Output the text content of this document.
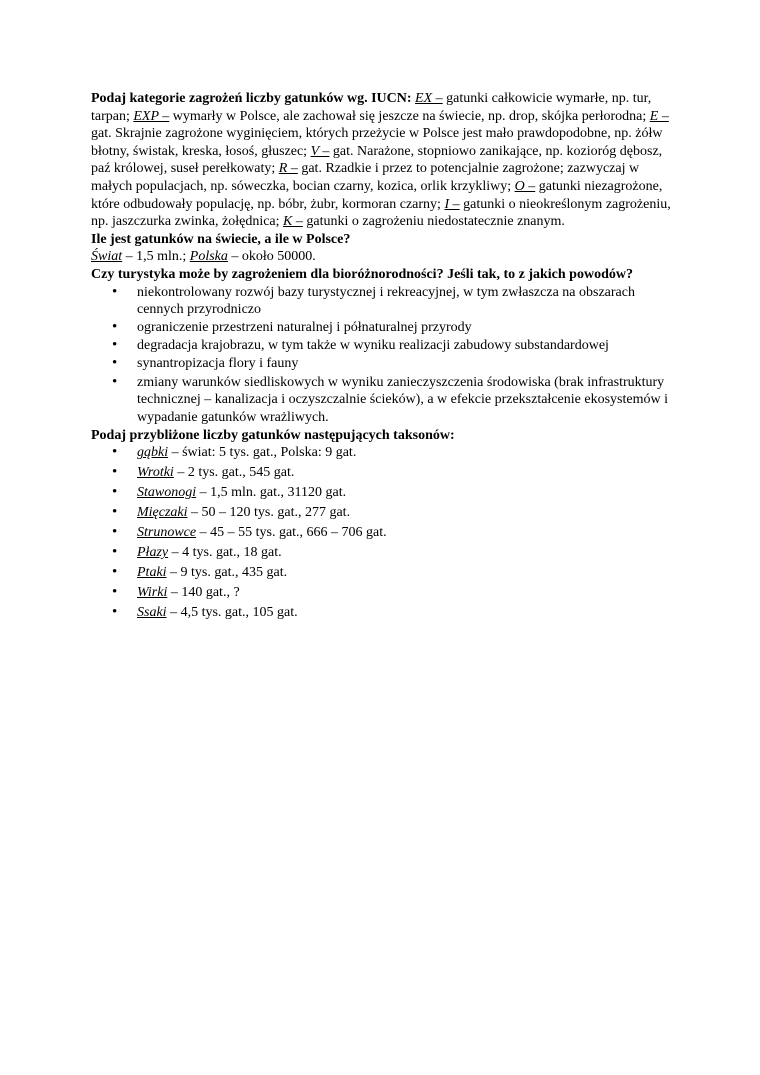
Podaj kategorie zagrożeń liczby gatunków wg. IUCN: EX – gatunki całkowicie wymarłe, np. tur, tarpan; EXP – wymarły w Polsce, ale zachował się jeszcze na świecie, np. drop, skójka perłorodna; E – gat. Skrajnie zagrożone wyginięciem, których przeżycie w Polsce jest mało prawdopodobne, np. żółw błotny, świstak, kreska, łosoś, głuszec; V – gat. Narażone, stopniowo zanikające, np. kozioróg dębosz, paź królowej, suseł perełkowaty; R – gat. Rzadkie i przez to potencjalnie zagrożone; zazwyczaj w małych populacjach, np. sóweczka, bocian czarny, kozica, orlik krzykliwy; O – gatunki niezagrożone, które odbudowały populację, np. bóbr, żubr, kormoran czarny; I – gatunki o nieokreślonym zagrożeniu, np. jaszczurka zwinka, żołędnica; K – gatunki o zagrożeniu niedostatecznie znanym.

Ile jest gatunków na świecie, a ile w Polsce?

Świat – 1,5 mln.; Polska – około 50000.

Czy turystyka może by zagrożeniem dla bioróżnorodności? Jeśli tak, to z jakich powodów?

• niekontrolowany rozwój bazy turystycznej i rekreacyjnej, w tym zwłaszcza na obszarach cennych przyrodniczo
• ograniczenie przestrzeni naturalnej i półnaturalnej przyrody
• degradacja krajobrazu, w tym także w wyniku realizacji zabudowy substandardowej
• synantropizacja flory i fauny
• zmiany warunków siedliskowych w wyniku zanieczyszczenia środowiska (brak infrastruktury technicznej – kanalizacja i oczyszczalnie ścieków), a w efekcie przekształcenie ekosystemów i wypadanie gatunków wrażliwych.

Podaj przybliżone liczby gatunków następujących taksonów:

• gąbki – świat: 5 tys. gat., Polska: 9 gat.
• Wrotki – 2 tys. gat., 545 gat.
• Stawonogi – 1,5 mln. gat., 31120 gat.
• Mięczaki – 50 – 120 tys. gat., 277 gat.
• Strunowce – 45 – 55 tys. gat., 666 – 706 gat.
• Płazy – 4 tys. gat., 18 gat.
• Ptaki – 9 tys. gat., 435 gat.
• Wirki – 140 gat., ?
• Ssaki – 4,5 tys. gat., 105 gat.
